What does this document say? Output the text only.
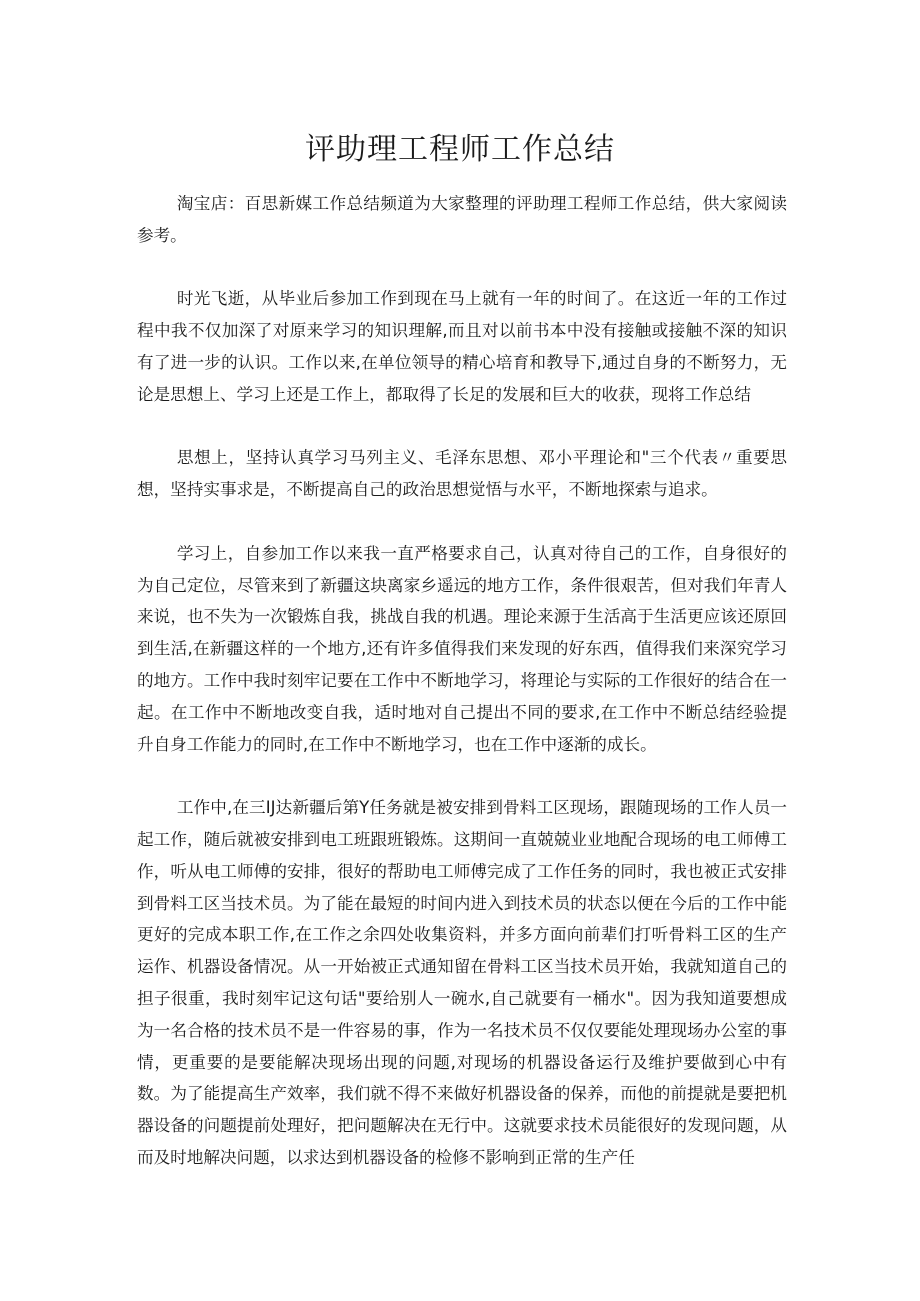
评助理工程师工作总结

淘宝店：百思新媒工作总结频道为大家整理的评助理工程师工作总结，供大家阅读参考。

时光飞逝，从毕业后参加工作到现在马上就有一年的时间了。在这近一年的工作过程中我不仅加深了对原来学习的知识理解,而且对以前书本中没有接触或接触不深的知识有了进一步的认识。工作以来,在单位领导的精心培育和教导下,通过自身的不断努力，无论是思想上、学习上还是工作上，都取得了长足的发展和巨大的收获，现将工作总结

思想上，坚持认真学习马列主义、毛泽东思想、邓小平理论和"三个代表〃重要思想，坚持实事求是，不断提高自己的政治思想觉悟与水平，不断地探索与追求。

学习上，自参加工作以来我一直严格要求自己，认真对待自己的工作，自身很好的为自己定位，尽管来到了新疆这块离家乡遥远的地方工作，条件很艰苦，但对我们年青人来说，也不失为一次锻炼自我，挑战自我的机遇。理论来源于生活高于生活更应该还原回到生活,在新疆这样的一个地方,还有许多值得我们来发现的好东西，值得我们来深究学习的地方。工作中我时刻牢记要在工作中不断地学习，将理论与实际的工作很好的结合在一起。在工作中不断地改变自我，适时地对自己提出不同的要求,在工作中不断总结经验提升自身工作能力的同时,在工作中不断地学习，也在工作中逐渐的成长。

工作中,在三IJ达新疆后第Y任务就是被安排到骨料工区现场，跟随现场的工作人员一起工作，随后就被安排到电工班跟班锻炼。这期间一直兢兢业业地配合现场的电工师傅工作，听从电工师傅的安排，很好的帮助电工师傅完成了工作任务的同时，我也被正式安排到骨料工区当技术员。为了能在最短的时间内进入到技术员的状态以便在今后的工作中能更好的完成本职工作,在工作之余四处收集资料，并多方面向前辈们打听骨料工区的生产运作、机器设备情况。从一开始被正式通知留在骨料工区当技术员开始，我就知道自己的担子很重，我时刻牢记这句话"要给别人一碗水,自己就要有一桶水"。因为我知道要想成为一名合格的技术员不是一件容易的事，作为一名技术员不仅仅要能处理现场办公室的事情，更重要的是要能解决现场出现的问题,对现场的机器设备运行及维护要做到心中有数。为了能提高生产效率，我们就不得不来做好机器设备的保养，而他的前提就是要把机器设备的问题提前处理好，把问题解决在无行中。这就要求技术员能很好的发现问题，从而及时地解决问题，以求达到机器设备的检修不影响到正常的生产任
